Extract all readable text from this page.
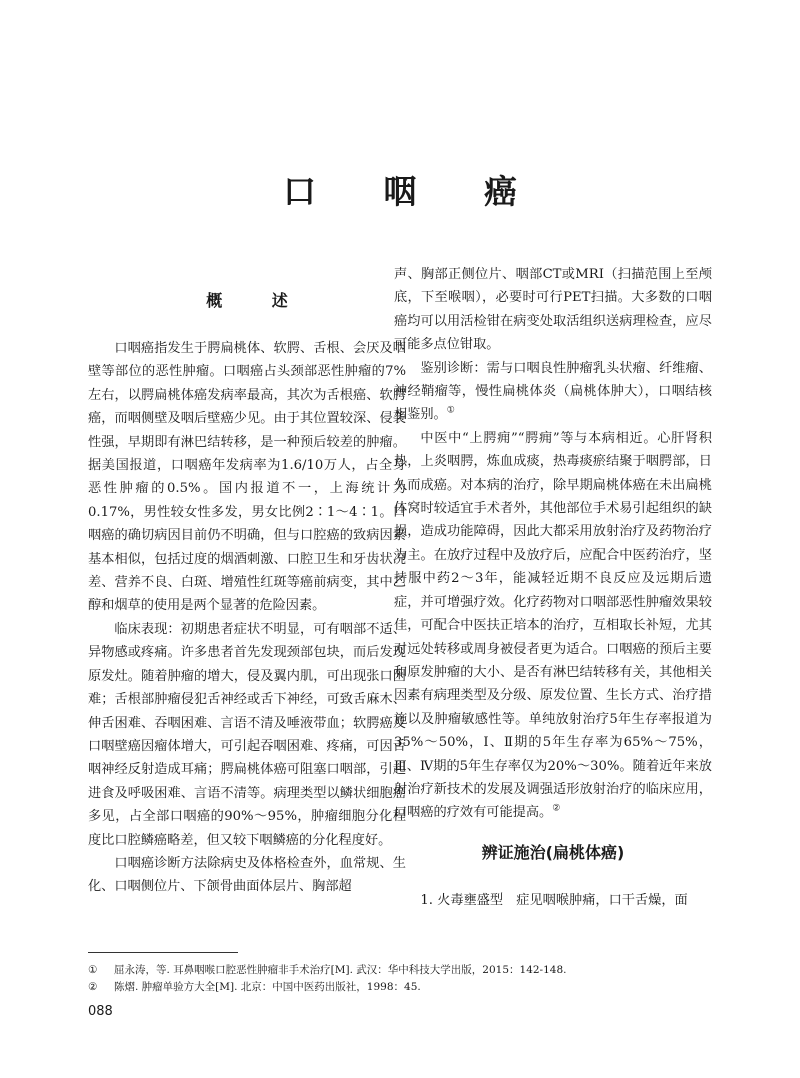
口 咽 癌
概 述

口咽癌指发生于腭扁桃体、软腭、舌根、会厌及咽壁等部位的恶性肿瘤。口咽癌占头颈部恶性肿瘤的7%左右，以腭扁桃体癌发病率最高，其次为舌根癌、软腭癌，而咽侧壁及咽后壁癌少见。由于其位置较深、侵袭性强，早期即有淋巴结转移，是一种预后较差的肿瘤。据美国报道，口咽癌年发病率为1.6/10万人，占全身恶性肿瘤的0.5%。国内报道不一，上海统计为0.17%，男性较女性多发，男女比例2∶1～4∶1。口咽癌的确切病因目前仍不明确，但与口腔癌的致病因素基本相似，包括过度的烟酒刺激、口腔卫生和牙齿状况差、营养不良、白斑、增殖性红斑等癌前病变，其中乙醇和烟草的使用是两个显著的危险因素。

临床表现：初期患者症状不明显，可有咽部不适、异物感或疼痛。许多患者首先发现颈部包块，而后发现原发灶。随着肿瘤的增大，侵及翼内肌，可出现张口困难；舌根部肿瘤侵犯舌神经或舌下神经，可致舌麻木、伸舌困难、吞咽困难、言语不清及唾液带血；软腭癌及口咽壁癌因瘤体增大，可引起吞咽困难、疼痛，可因舌咽神经反射造成耳痛；腭扁桃体癌可阻塞口咽部，引起进食及呼吸困难、言语不清等。病理类型以鳞状细胞癌多见，占全部口咽癌的90%～95%，肿瘤细胞分化程度比口腔鳞癌略差，但又较下咽鳞癌的分化程度好。

口咽癌诊断方法除病史及体格检查外，血常规、生化、口咽侧位片、下颌骨曲面体层片、胸部超

声、胸部正侧位片、咽部CT或MRI（扫描范围上至颅底，下至喉咽），必要时可行PET扫描。大多数的口咽癌均可以用活检钳在病变处取活组织送病理检查，应尽可能多点位钳取。

鉴别诊断：需与口咽良性肿瘤乳头状瘤、纤维瘤、神经鞘瘤等，慢性扁桃体炎（扁桃体肿大），口咽结核相鉴别。①

中医中“上腭痈”“腭痈”等与本病相近。心肝肾积热，上炎咽腭，炼血成痰，热毒痰瘀结聚于咽腭部，日久而成癌。对本病的治疗，除早期扁桃体癌在未出扁桃体窝时较适宜手术者外，其他部位手术易引起组织的缺损，造成功能障碍，因此大都采用放射治疗及药物治疗为主。在放疗过程中及放疗后，应配合中医药治疗，坚持服中药2～3年，能减轻近期不良反应及远期后遗症，并可增强疗效。化疗药物对口咽部恶性肿瘤效果较佳，可配合中医扶正培本的治疗，互相取长补短，尤其对远处转移或周身被侵者更为适合。口咽癌的预后主要和原发肿瘤的大小、是否有淋巴结转移有关，其他相关因素有病理类型及分级、原发位置、生长方式、治疗措施以及肿瘤敏感性等。单纯放射治疗5年生存率报道为35%～50%，Ⅰ、Ⅱ期的5年生存率为65%～75%，Ⅲ、Ⅳ期的5年生存率仅为20%～30%。随着近年来放射治疗新技术的发展及调强适形放射治疗的临床应用，口咽癌的疗效有可能提高。②

辨证施治(扁桃体癌)

1. 火毒壅盛型　症见咽喉肿痛，口干舌燥，面

①	屈永涛，等. 耳鼻咽喉口腔恶性肿瘤非手术治疗[M]. 武汉：华中科技大学出版，2015：142-148.
②	陈熠. 肿瘤单验方大全[M]. 北京：中国中医药出版社，1998：45.
088
